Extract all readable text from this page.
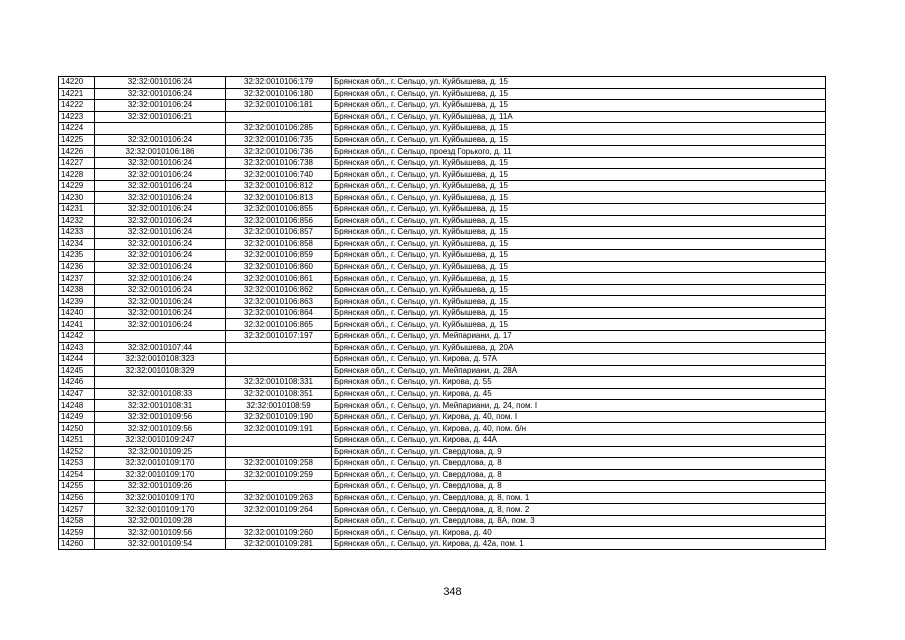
14220	32:32:0010106:24	32:32:0010106:179	Брянская обл., г. Сельцо, ул. Куйбышева, д. 15
14221	32:32:0010106:24	32:32:0010106:180	Брянская обл., г. Сельцо, ул. Куйбышева, д. 15
14222	32:32:0010106:24	32:32:0010106:181	Брянская обл., г. Сельцо, ул. Куйбышева, д. 15
14223	32:32:0010106:21		Брянская обл., г. Сельцо, ул. Куйбышева, д. 11А
14224		32:32:0010106:285	Брянская обл., г. Сельцо, ул. Куйбышева, д. 15
14225	32:32:0010106:24	32:32:0010106:735	Брянская обл., г. Сельцо, ул. Куйбышева, д. 15
14226	32:32:0010106:186	32:32:0010106:736	Брянская обл., г. Сельцо, проезд Горького, д. 11
14227	32:32:0010106:24	32:32:0010106:738	Брянская обл., г. Сельцо, ул. Куйбышева, д. 15
14228	32:32:0010106:24	32:32:0010106:740	Брянская обл., г. Сельцо, ул. Куйбышева, д. 15
14229	32:32:0010106:24	32:32:0010106:812	Брянская обл., г. Сельцо, ул. Куйбышева, д. 15
14230	32:32:0010106:24	32:32:0010106:813	Брянская обл., г. Сельцо, ул. Куйбышева, д. 15
14231	32:32:0010106:24	32:32:0010106:855	Брянская обл., г. Сельцо, ул. Куйбышева, д. 15
14232	32:32:0010106:24	32:32:0010106:856	Брянская обл., г. Сельцо, ул. Куйбышева, д. 15
14233	32:32:0010106:24	32:32:0010106:857	Брянская обл., г. Сельцо, ул. Куйбышева, д. 15
14234	32:32:0010106:24	32:32:0010106:858	Брянская обл., г. Сельцо, ул. Куйбышева, д. 15
14235	32:32:0010106:24	32:32:0010106:859	Брянская обл., г. Сельцо, ул. Куйбышева, д. 15
14236	32:32:0010106:24	32:32:0010106:860	Брянская обл., г. Сельцо, ул. Куйбышева, д. 15
14237	32:32:0010106:24	32:32:0010106:861	Брянская обл., г. Сельцо, ул. Куйбышева, д. 15
14238	32:32:0010106:24	32:32:0010106:862	Брянская обл., г. Сельцо, ул. Куйбышева, д. 15
14239	32:32:0010106:24	32:32:0010106:863	Брянская обл., г. Сельцо, ул. Куйбышева, д. 15
14240	32:32:0010106:24	32:32:0010106:864	Брянская обл., г. Сельцо, ул. Куйбышева, д. 15
14241	32:32:0010106:24	32:32:0010106:865	Брянская обл., г. Сельцо, ул. Куйбышева, д. 15
14242		32:32:0010107:197	Брянская обл., г. Сельцо, ул. Мейпариани, д. 17
14243	32:32:0010107:44		Брянская обл., г. Сельцо, ул. Куйбышева, д. 20А
14244	32:32:0010108:323		Брянская обл., г. Сельцо, ул. Кирова, д. 57А
14245	32:32:0010108:329		Брянская обл., г. Сельцо, ул. Мейпариани, д. 28А
14246		32:32:0010108:331	Брянская обл., г. Сельцо, ул. Кирова, д. 55
14247	32:32:0010108:33	32:32:0010108:351	Брянская обл., г. Сельцо, ул. Кирова, д. 45
14248	32:32:0010108:31	32:32:0010108:59	Брянская обл., г. Сельцо, ул. Мейпариани, д. 24, пом. I
14249	32:32:0010109:56	32:32:0010109:190	Брянская обл., г. Сельцо, ул. Кирова, д. 40, пом. I
14250	32:32:0010109:56	32:32:0010109:191	Брянская обл., г. Сельцо, ул. Кирова, д. 40, пом. б/н
14251	32:32:0010109:247		Брянская обл., г. Сельцо, ул. Кирова, д. 44А
14252	32:32:0010109:25		Брянская обл., г. Сельцо, ул. Свердлова, д. 9
14253	32:32:0010109:170	32:32:0010109:258	Брянская обл., г. Сельцо, ул. Свердлова, д. 8
14254	32:32:0010109:170	32:32:0010109:259	Брянская обл., г. Сельцо, ул. Свердлова, д. 8
14255	32:32:0010109:26		Брянская обл., г. Сельцо, ул. Свердлова, д. 8
14256	32:32:0010109:170	32:32:0010109:263	Брянская обл., г. Сельцо, ул. Свердлова, д. 8, пом. 1
14257	32:32:0010109:170	32:32:0010109:264	Брянская обл., г. Сельцо, ул. Свердлова, д. 8, пом. 2
14258	32:32:0010109:28		Брянская обл., г. Сельцо, ул. Свердлова, д. 8А, пом. 3
14259	32:32:0010109:56	32:32:0010109:260	Брянская обл., г. Сельцо, ул. Кирова, д. 40
14260	32:32:0010109:54	32:32:0010109:281	Брянская обл., г. Сельцо, ул. Кирова, д. 42а, пом. 1
348
